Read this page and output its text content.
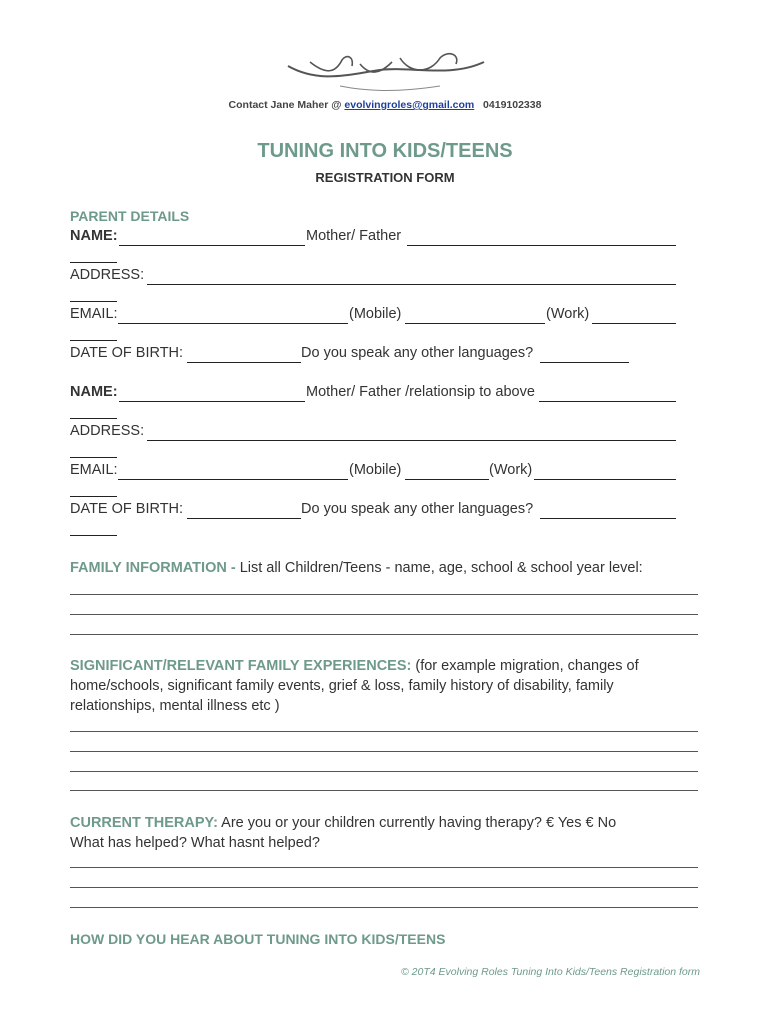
Contact Jane Maher @ evolvingroles@gmail.com 0419102338
TUNING INTO KIDS/TEENS
REGISTRATION FORM
PARENT DETAILS
NAME:	Mother/ Father
ADDRESS:
EMAIL:	(Mobile)	(Work)
DATE OF BIRTH:	Do you speak any other languages?
NAME:	Mother/ Father /relationsip to above
ADDRESS:
EMAIL:	(Mobile)	(Work)
DATE OF BIRTH:	Do you speak any other languages?
FAMILY INFORMATION - List all Children/Teens - name, age, school & school year level:
SIGNIFICANT/RELEVANT FAMILY EXPERIENCES: (for example migration, changes of home/schools, significant family events, grief & loss, family history of disability, family relationships, mental illness etc )
CURRENT THERAPY: Are you or your children currently having therapy? € Yes € No
What has helped? What hasnt helped?
HOW DID YOU HEAR ABOUT TUNING INTO KIDS/TEENS
© 20T4 Evolving Roles Tuning Into Kids/Teens Registration form
